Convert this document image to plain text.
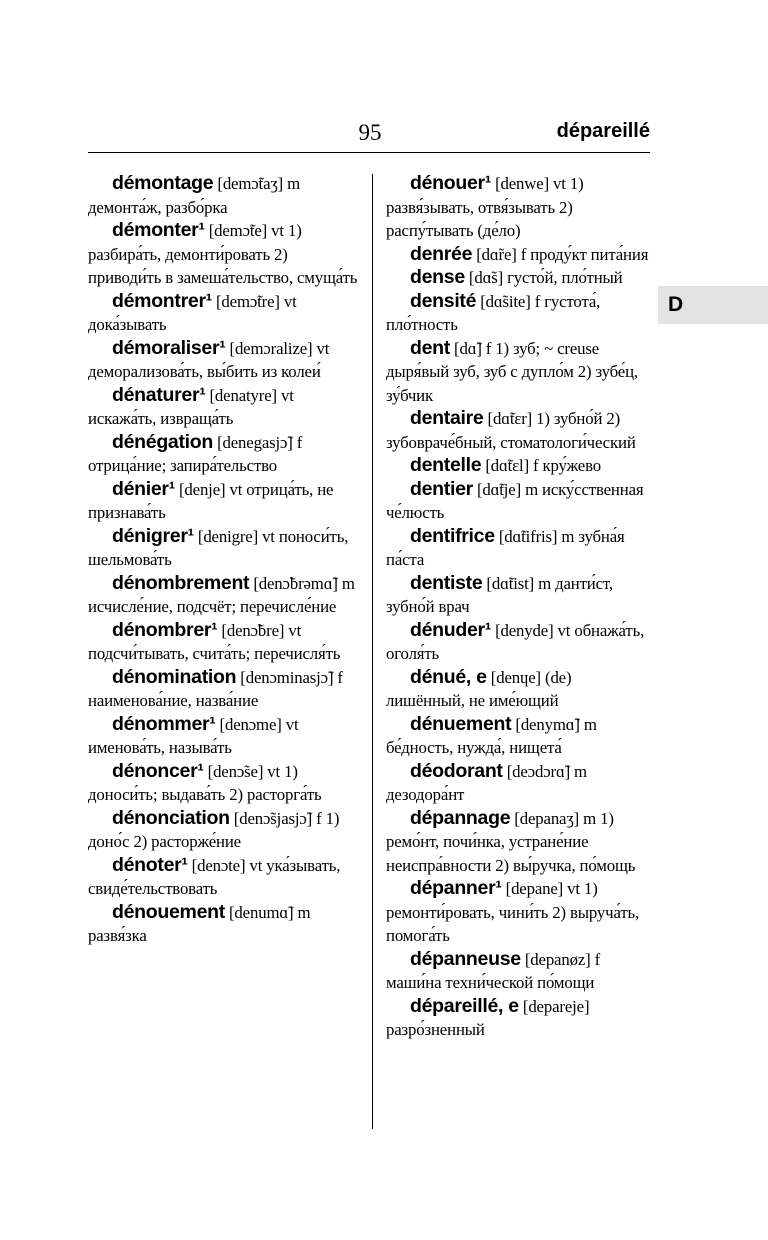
95	dépareillé
D

démontage [demɔ̃taʒ] m демонта́ж, разбо́рка

démonter¹ [demɔ̃te] vt 1) разбира́ть, демонти́ровать 2) приводи́ть в замеша́тельство, смуща́ть

démontrer¹ [demɔ̃tre] vt дока́зывать

démoraliser¹ [demɔralize] vt деморализова́ть, вы́бить из колеи́

dénaturer¹ [denatyre] vt искажа́ть, извраща́ть

dénégation [denegasjɔ̃] f отрица́ние; запира́тельство

dénier¹ [denje] vt отрица́ть, не признава́ть

dénigrer¹ [denigre] vt поноси́ть, шельмова́ть

dénombrement [denɔ̃brəmɑ̃] m исчисле́ние, подсчёт; перечисле́ние

dénombrer¹ [denɔ̃bre] vt подсчи́тывать, счита́ть; перечисля́ть

dénomination [denɔminasjɔ̃] f наименова́ние, назва́ние

dénommer¹ [denɔme] vt именова́ть, называ́ть

dénoncer¹ [denɔ̃se] vt 1) доноси́ть; выдава́ть 2) расторга́ть

dénonciation [denɔ̃sjasjɔ̃] f 1) доно́с 2) расторже́ние

dénoter¹ [denɔte] vt ука́зывать, свиде́тельствовать

dénouement [denumɑ̃] m развя́зка

dénouer¹ [denwe] vt 1) развя́зывать, отвя́зывать 2) распу́тывать (де́ло)

denrée [dɑ̃re] f проду́кт пита́ния

dense [dɑ̃s] густо́й, пло́тный

densité [dɑ̃site] f густота́, пло́тность

dent [dɑ̃] f 1) зуб; ~ creuse дыря́вый зуб, зуб с дупло́м 2) зубе́ц, зу́бчик

dentaire [dɑ̃tɛr] 1) зубно́й 2) зубовраче́бный, стоматологи́ческий

dentelle [dɑ̃tɛl] f кру́жево

dentier [dɑ̃tje] m иску́сственная че́люсть

dentifrice [dɑ̃tifris] m зубна́я па́ста

dentiste [dɑ̃tist] m данти́ст, зубно́й врач

dénuder¹ [denyde] vt обнажа́ть, оголя́ть

dénué, e [denɥe] (de) лишённый, не име́ющий

dénuement [denymɑ̃] m бе́дность, нужда́, нищета́

déodorant [deɔdɔrɑ̃] m дезодора́нт

dépannage [depanaʒ] m 1) ремо́нт, почи́нка, устране́ние неиспра́вности 2) вы́ручка, по́мощь

dépanner¹ [depane] vt 1) ремонти́ровать, чини́ть 2) выруча́ть, помога́ть

dépanneuse [depanøz] f маши́на техни́ческой по́мощи

dépareillé, e [depareje] разро́зненный
